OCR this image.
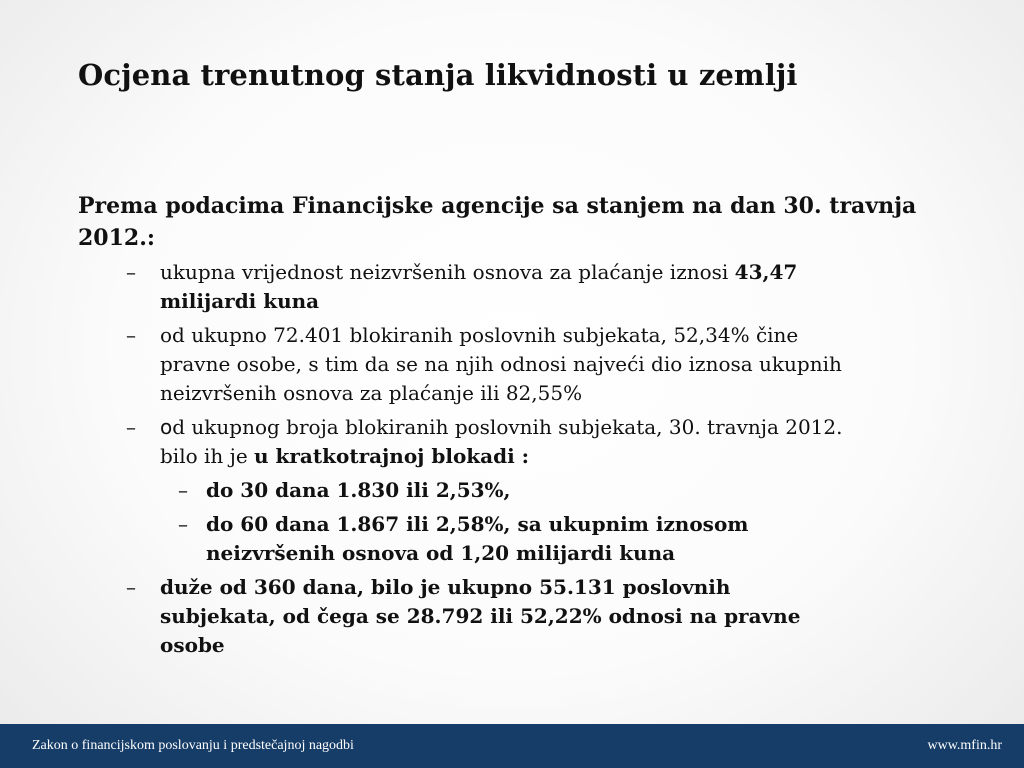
Ocjena trenutnog stanja likvidnosti u zemlji

Prema podacima Financijske agencije sa stanjem na dan 30. travnja 2012.:

– ukupna vrijednost neizvršenih osnova za plaćanje iznosi 43,47 milijardi kuna
– od ukupno 72.401 blokiranih poslovnih subjekata, 52,34% čine pravne osobe, s tim da se na njih odnosi najveći dio iznosa ukupnih neizvršenih osnova za plaćanje ili 82,55%
– od ukupnog broja blokiranih poslovnih subjekata, 30. travnja 2012. bilo ih je u kratkotrajnoj blokadi :
– do 30 dana 1.830 ili 2,53%,
– do 60 dana 1.867 ili 2,58%, sa ukupnim iznosom neizvršenih osnova od 1,20 milijardi kuna
– duže od 360 dana, bilo je ukupno 55.131 poslovnih subjekata, od čega se 28.792 ili 52,22% odnosi na pravne osobe
Zakon o financijskom poslovanju i predstečajnoj nagodbi	www.mfin.hr
